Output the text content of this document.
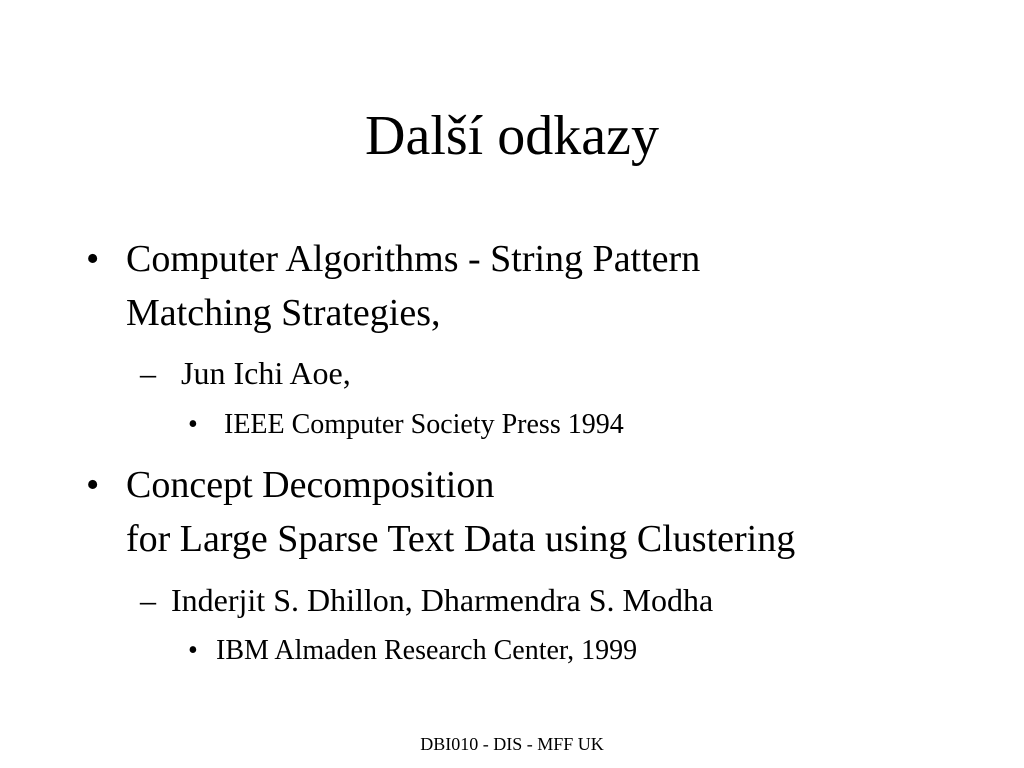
Další odkazy
• Computer Algorithms - String Pattern
Matching Strategies,
– Jun Ichi Aoe,
• IEEE Computer Society Press 1994
• Concept Decomposition
for Large Sparse Text Data using Clustering
– Inderjit S. Dhillon, Dharmendra S. Modha
• IBM Almaden Research Center, 1999
DBI010 - DIS - MFF UK
